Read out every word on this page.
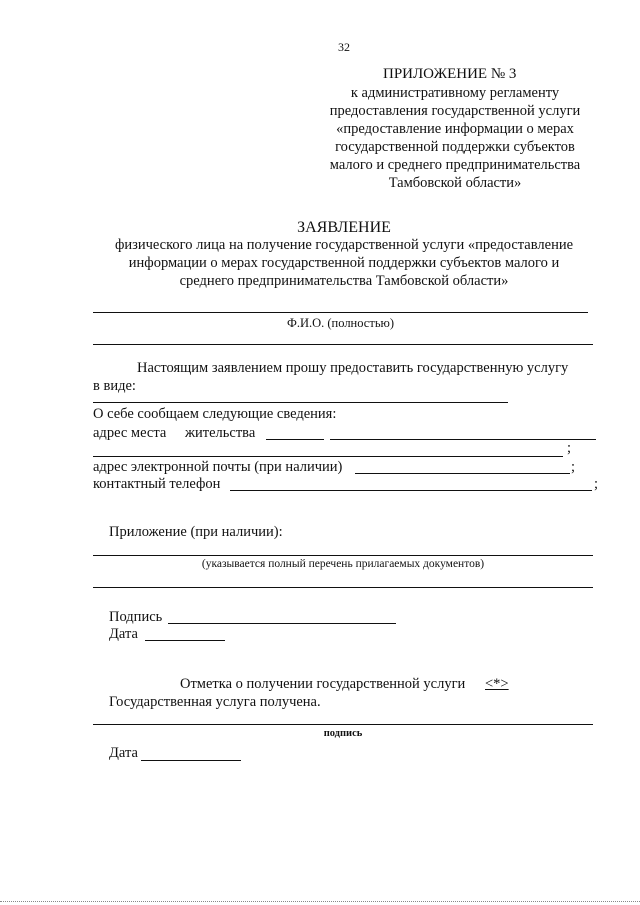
32
ПРИЛОЖЕНИЕ № 3
к административному регламенту
предоставления государственной услуги
«предоставление информации о мерах
государственной поддержки субъектов
малого и среднего предпринимательства
Тамбовской области»
ЗАЯВЛЕНИЕ
физического лица на получение государственной услуги «предоставление
информации о мерах государственной поддержки субъектов малого и
среднего предпринимательства Тамбовской области»
Ф.И.О. (полностью)
Настоящим заявлением прошу предоставить государственную услугу
в виде:
О себе сообщаем следующие сведения:
адрес места жительства
;
адрес электронной почты (при наличии)	;
контактный телефон	;
Приложение (при наличии):
(указывается полный перечень прилагаемых документов)
Подпись
Дата
Отметка о получении государственной услуги <*>
Государственная услуга получена.
подпись
Дата
